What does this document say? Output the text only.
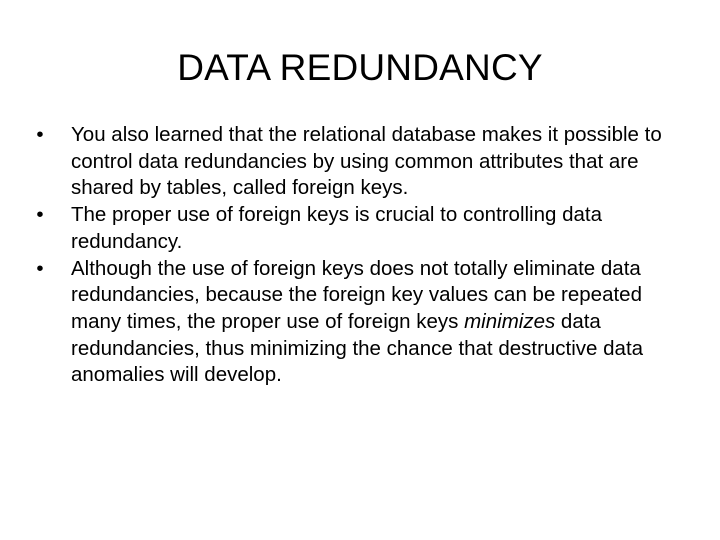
DATA REDUNDANCY
•	You also learned that the relational database makes it possible to control data redundancies by using common attributes that are shared by tables, called foreign keys.
•	The proper use of foreign keys is crucial to controlling data redundancy.
•	Although the use of foreign keys does not totally eliminate data redundancies, because the foreign key values can be repeated many times, the proper use of foreign keys minimizes data redundancies, thus minimizing the chance that destructive data anomalies will develop.
